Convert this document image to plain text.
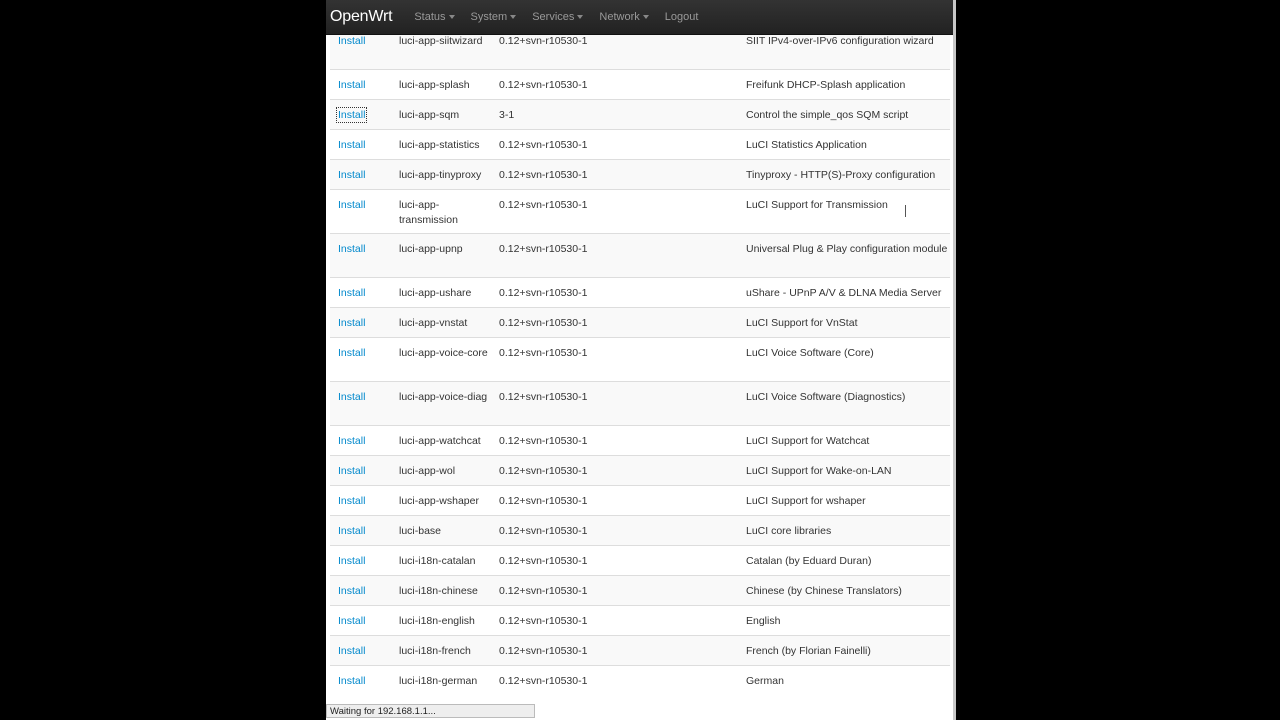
Install	luci-app-siitwizard	0.12+svn-r10530-1	SIIT IPv4-over-IPv6 configuration wizard
Install	luci-app-splash	0.12+svn-r10530-1	Freifunk DHCP-Splash application
Install	luci-app-sqm	3-1	Control the simple_qos SQM script
Install	luci-app-statistics	0.12+svn-r10530-1	LuCI Statistics Application
Install	luci-app-tinyproxy	0.12+svn-r10530-1	Tinyproxy - HTTP(S)-Proxy configuration
Install	luci-app-transmission	0.12+svn-r10530-1	LuCI Support for Transmission
Install	luci-app-upnp	0.12+svn-r10530-1	Universal Plug & Play configuration module
Install	luci-app-ushare	0.12+svn-r10530-1	uShare - UPnP A/V & DLNA Media Server
Install	luci-app-vnstat	0.12+svn-r10530-1	LuCI Support for VnStat
Install	luci-app-voice-core	0.12+svn-r10530-1	LuCI Voice Software (Core)
Install	luci-app-voice-diag	0.12+svn-r10530-1	LuCI Voice Software (Diagnostics)
Install	luci-app-watchcat	0.12+svn-r10530-1	LuCI Support for Watchcat
Install	luci-app-wol	0.12+svn-r10530-1	LuCI Support for Wake-on-LAN
Install	luci-app-wshaper	0.12+svn-r10530-1	LuCI Support for wshaper
Install	luci-base	0.12+svn-r10530-1	LuCI core libraries
Install	luci-i18n-catalan	0.12+svn-r10530-1	Catalan (by Eduard Duran)
Install	luci-i18n-chinese	0.12+svn-r10530-1	Chinese (by Chinese Translators)
Install	luci-i18n-english	0.12+svn-r10530-1	English
Install	luci-i18n-french	0.12+svn-r10530-1	French (by Florian Fainelli)
Install	luci-i18n-german	0.12+svn-r10530-1	German
OpenWrt Status System Services Network Logout
Waiting for 192.168.1.1...
